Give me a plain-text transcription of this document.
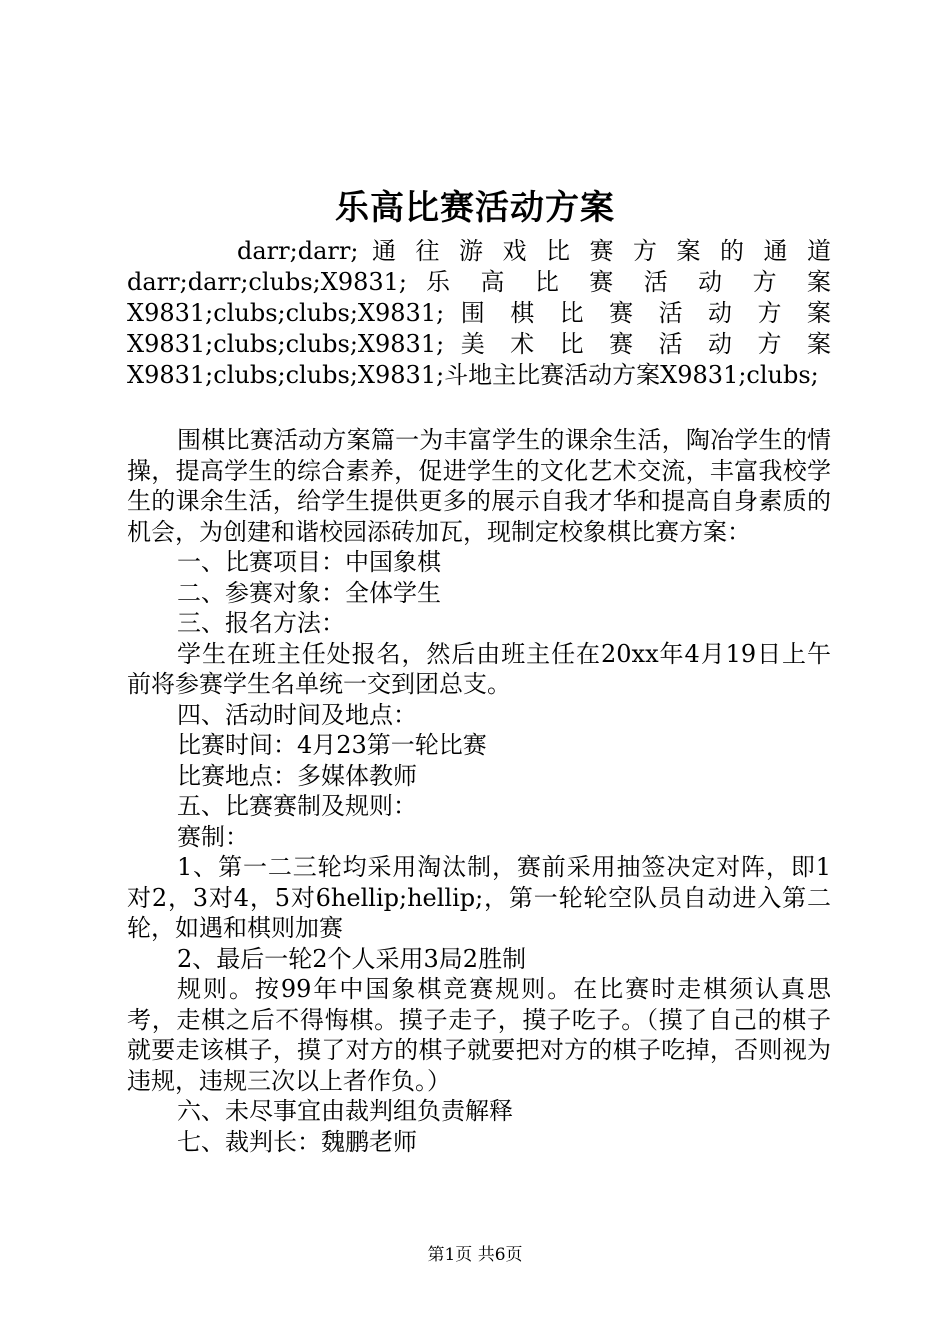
乐高比赛活动方案

darr;darr; 通 往 游 戏 比 赛 方 案 的 通 道

darr;darr;clubs;X9831; 乐 高 比 赛 活 动 方 案

X9831;clubs;clubs;X9831; 围 棋 比 赛 活 动 方 案

X9831;clubs;clubs;X9831; 美 术 比 赛 活 动 方 案

X9831;clubs;clubs;X9831;斗地主比赛活动方案X9831;clubs;

围棋比赛活动方案篇一为丰富学生的课余生活，陶冶学生的情操，提高学生的综合素养，促进学生的文化艺术交流，丰富我校学生的课余生活，给学生提供更多的展示自我才华和提高自身素质的机会，为创建和谐校园添砖加瓦，现制定校象棋比赛方案：

一、比赛项目：中国象棋

二、参赛对象：全体学生

三、报名方法：

学生在班主任处报名，然后由班主任在20xx年4月19日上午前将参赛学生名单统一交到团总支。

四、活动时间及地点：

比赛时间：4月23第一轮比赛

比赛地点：多媒体教师

五、比赛赛制及规则：

赛制：

1、第一二三轮均采用淘汰制，赛前采用抽签决定对阵，即1对2，3对4，5对6hellip;hellip;，第一轮轮空队员自动进入第二轮，如遇和棋则加赛

2、最后一轮2个人采用3局2胜制

规则。按99年中国象棋竞赛规则。在比赛时走棋须认真思考，走棋之后不得悔棋。摸子走子，摸子吃子。（摸了自己的棋子就要走该棋子，摸了对方的棋子就要把对方的棋子吃掉，否则视为违规，违规三次以上者作负。）

六、未尽事宜由裁判组负责解释

七、裁判长：魏鹏老师

第1页 共6页
